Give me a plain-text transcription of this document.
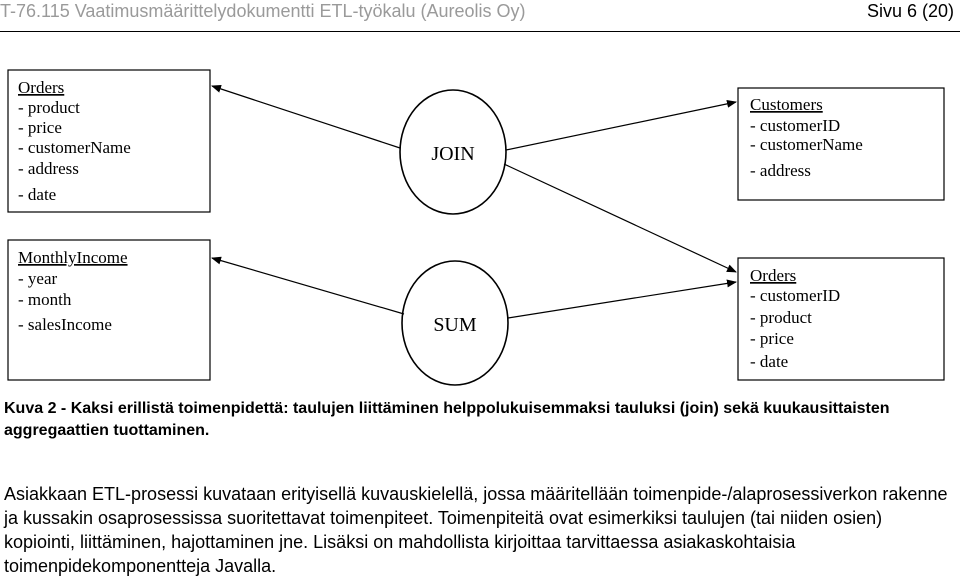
T-76.115 Vaatimusmäärittelydokumentti ETL-työkalu (Aureolis Oy)	Sivu 6 (20)
Orders
- product
- price
- customerName
- address
- date
MonthlyIncome
- year
- month
- salesIncome
Customers
- customerID
- customerName
- address
Orders
- customerID
- product
- price
- date
JOIN
SUM
Kuva 2 - Kaksi erillistä toimenpidettä: taulujen liittäminen helppolukuisemmaksi tauluksi (join) sekä kuukausittaisten aggregaattien tuottaminen.
Asiakkaan ETL-prosessi kuvataan erityisellä kuvauskielellä, jossa määritellään toimenpide-/alaprosessiverkon rakenne ja kussakin osaprosessissa suoritettavat toimenpiteet. Toimenpiteitä ovat esimerkiksi taulujen (tai niiden osien) kopiointi, liittäminen, hajottaminen jne. Lisäksi on mahdollista kirjoittaa tarvittaessa asiakaskohtaisia toimenpidekomponentteja Javalla.
